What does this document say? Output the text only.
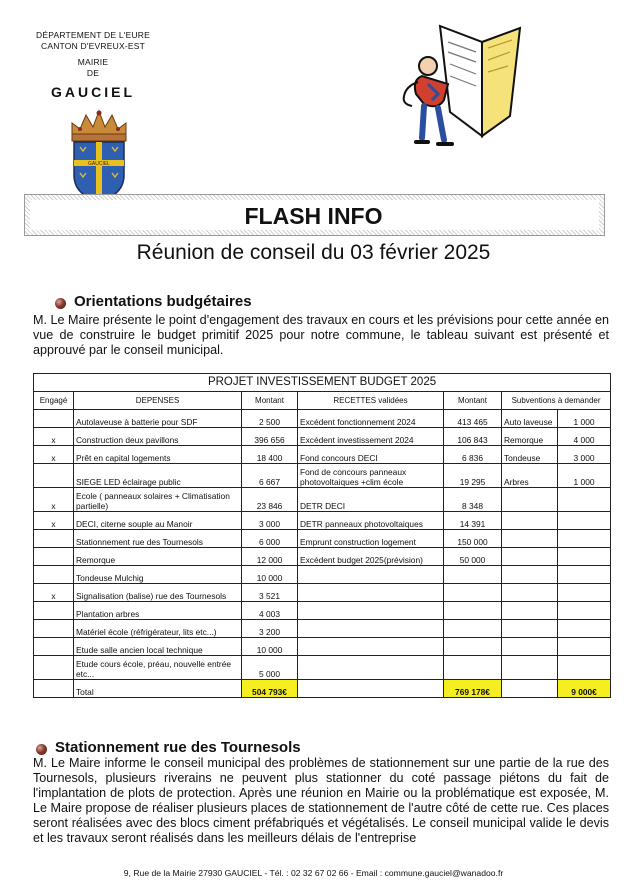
DÉPARTEMENT DE L'EURE
CANTON D'EVREUX-EST
MAIRIE
DE
GAUCIEL
GAUCIEL
FLASH INFO
Réunion de conseil du 03 février 2025
Orientations budgétaires
M. Le Maire présente le point d'engagement des travaux en cours et les prévisions pour cette année en vue de construire le budget primitif 2025 pour notre commune, le tableau suivant est présenté et approuvé par le conseil municipal.
PROJET INVESTISSEMENT BUDGET 2025						
Engagé	DEPENSES	Montant	RECETTES validées	Montant	Subventions à demander	
	Autolaveuse à batterie pour SDF	2 500	Excédent fonctionnement 2024	413 465	Auto laveuse	1 000
x	Construction deux pavillons	396 656	Excédent investissement 2024	106 843	Remorque	4 000
x	Prêt en capital logements	18 400	Fond concours DECI	6 836	Tondeuse	3 000
	SIEGE LED éclairage public	6 667	Fond de concours panneaux photovoltaiques +clim école	19 295	Arbres	1 000
x	Ecole ( panneaux solaires + Climatisation partielle)	23 846	DETR DECI	8 348		
x	DECI, citerne souple au Manoir	3 000	DETR panneaux photovoltaiques	14 391		
	Stationnement rue des Tournesols	6 000	Emprunt construction logement	150 000		
	Remorque	12 000	Excédent budget 2025(prévision)	50 000		
	Tondeuse Mulchig	10 000				
x	Signalisation (balise) rue des Tournesols	3 521				
	Plantation arbres	4 003				
	Matériel école (réfrigérateur, lits etc...)	3 200				
	Etude salle ancien local technique	10 000				
	Etude cours école, préau, nouvelle entrée etc...	5 000				
	Total	504 793€		769 178€		9 000€
Stationnement rue des Tournesols
M. Le Maire informe le conseil municipal des problèmes de stationnement sur une partie de la rue des Tournesols, plusieurs riverains ne peuvent plus stationner du coté passage piétons du fait de l'implantation de plots de protection. Après une réunion en Mairie ou la problématique est exposée, M. Le Maire propose de réaliser plusieurs places de stationnement de l'autre côté de cette rue. Ces places seront réalisées avec des blocs ciment préfabriqués et végétalisés. Le conseil municipal valide le devis et les travaux seront réalisés dans les meilleurs délais de l'entreprise
9, Rue de la Mairie 27930 GAUCIEL - Tél. : 02 32 67 02 66 - Email : commune.gauciel@wanadoo.fr
